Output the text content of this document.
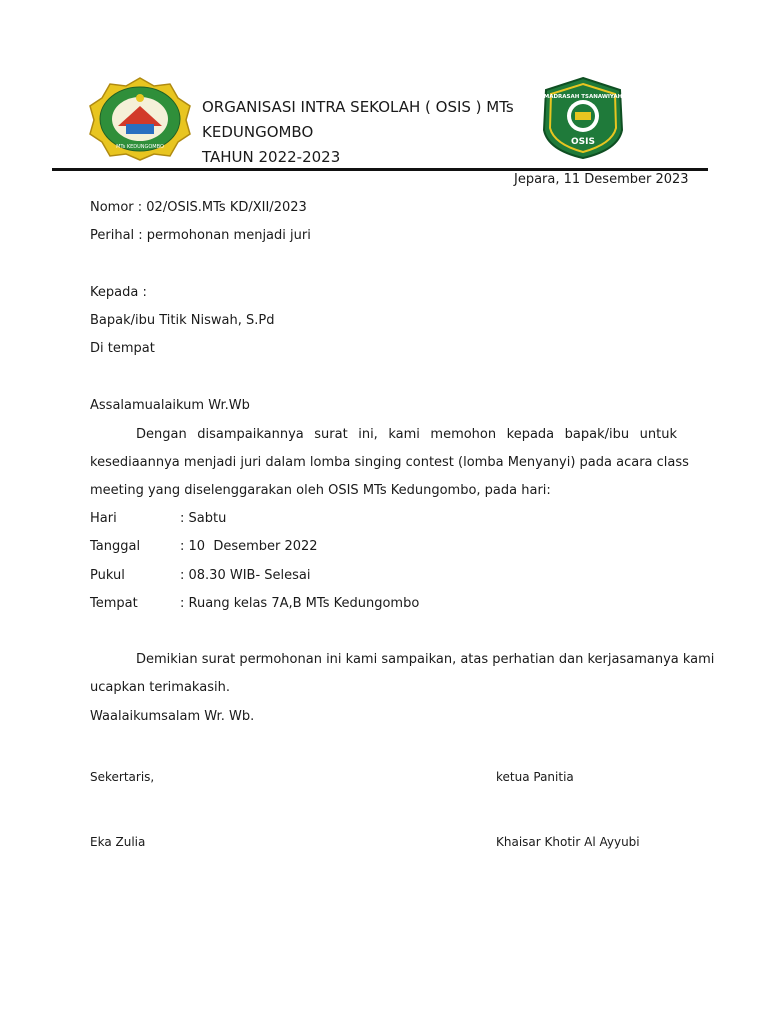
MTs KEDUNGOMBO
ORGANISASI INTRA SEKOLAH ( OSIS ) MTs
KEDUNGOMBO
TAHUN 2022-2023
MADRASAH TSANAWIYAH
OSIS
Jepara, 11 Desember 2023
Nomor : 02/OSIS.MTs KD/XII/2023
Perihal : permohonan menjadi juri
Kepada :
Bapak/ibu Titik Niswah, S.Pd
Di tempat
Assalamualaikum Wr.Wb
Dengan disampaikannya surat ini, kami memohon kepada bapak/ibu untuk
kesediaannya menjadi juri dalam lomba singing contest (lomba Menyanyi) pada acara class
meeting yang diselenggarakan oleh OSIS MTs Kedungombo, pada hari:
Hari	: Sabtu
Tanggal	: 10  Desember 2022
Pukul	: 08.30 WIB- Selesai
Tempat	: Ruang kelas 7A,B MTs Kedungombo
Demikian surat permohonan ini kami sampaikan, atas perhatian dan kerjasamanya kami
ucapkan terimakasih.
Waalaikumsalam Wr. Wb.
Sekertaris,	ketua Panitia
Eka Zulia	Khaisar Khotir Al Ayyubi
